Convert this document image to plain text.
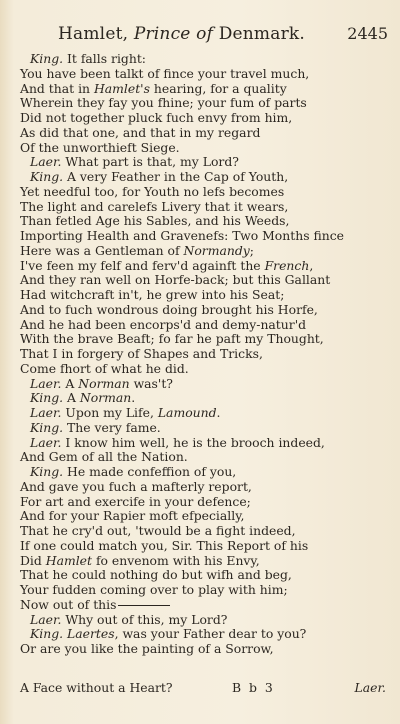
Hamlet, Prince of Denmark.	2445
King. It falls right:
You have been talkt of fince your travel much,
And that in Hamlet's hearing, for a quality
Wherein they fay you fhine; your fum of parts
Did not together pluck fuch envy from him,
As did that one, and that in my regard
Of the unworthieft Siege.
Laer. What part is that, my Lord?
King. A very Feather in the Cap of Youth,
Yet needful too, for Youth no lefs becomes
The light and carelefs Livery that it wears,
Than fetled Age his Sables, and his Weeds,
Importing Health and Gravenefs: Two Months fince
Here was a Gentleman of Normandy;
I've feen my felf and ferv'd againft the French,
And they ran well on Horfe-back; but this Gallant
Had witchcraft in't, he grew into his Seat;
And to fuch wondrous doing brought his Horfe,
And he had been encorps'd and demy-natur'd
With the brave Beaft; fo far he paft my Thought,
That I in forgery of Shapes and Tricks,
Come fhort of what he did.
Laer. A Norman was't?
King. A Norman.
Laer. Upon my Life, Lamound.
King. The very fame.
Laer. I know him well, he is the brooch indeed,
And Gem of all the Nation.
King. He made confeffion of you,
And gave you fuch a mafterly report,
For art and exercife in your defence;
And for your Rapier moft efpecially,
That he cry'd out, 'twould be a fight indeed,
If one could match you, Sir. This Report of his
Did Hamlet fo envenom with his Envy,
That he could nothing do but wifh and beg,
Your fudden coming over to play with him;
Now out of this
Laer. Why out of this, my Lord?
King. Laertes, was your Father dear to you?
Or are you like the painting of a Sorrow,
A Face without a Heart?	B b 3	Laer.
